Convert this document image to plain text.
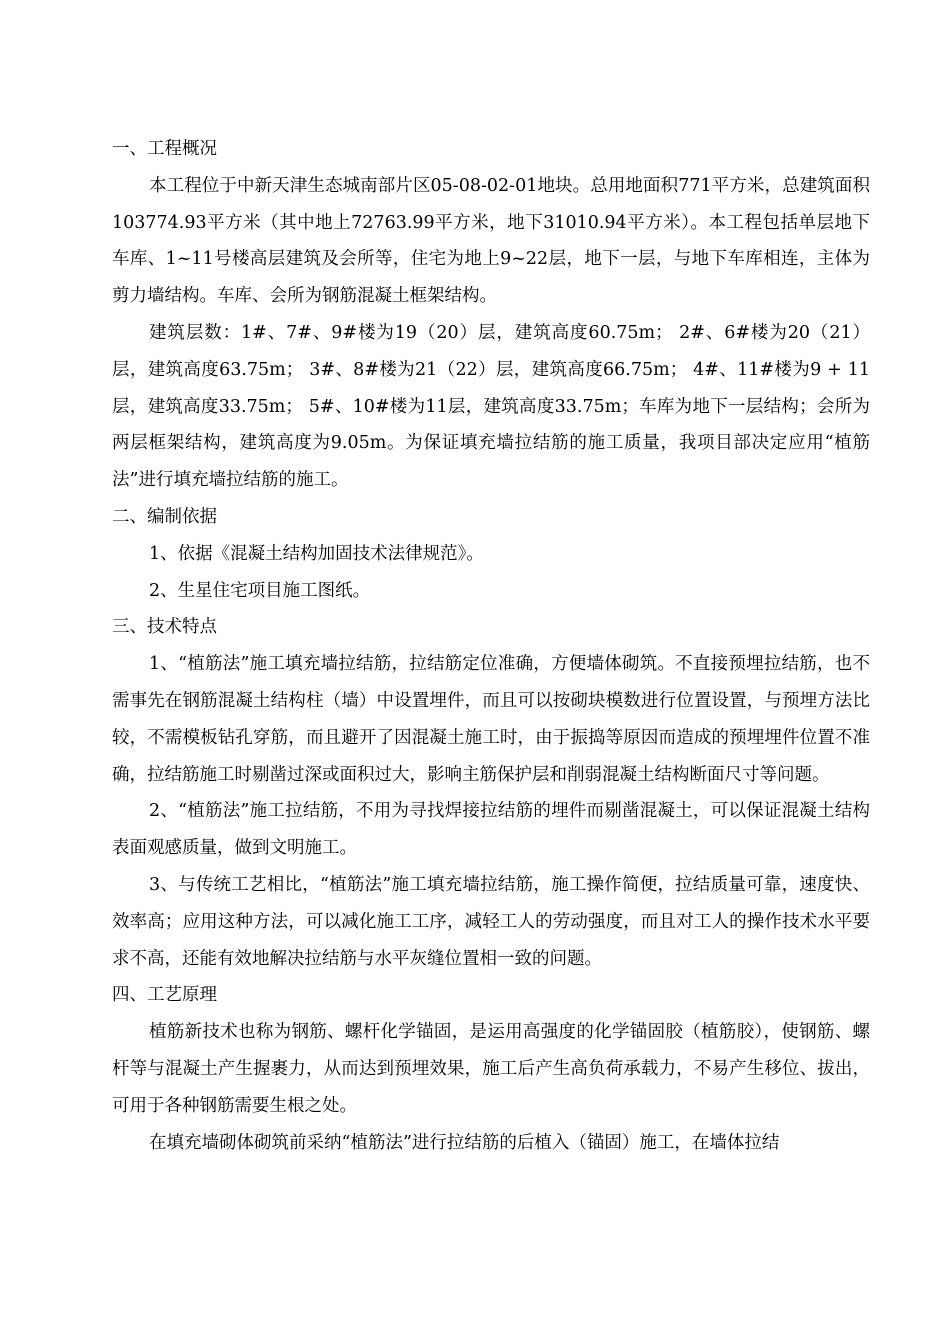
一、工程概况

本工程位于中新天津生态城南部片区05-08-02-01地块。总用地面积771平方米，总建筑面积103774.93平方米（其中地上72763.99平方米，地下31010.94平方米）。本工程包括单层地下车库、1~11号楼高层建筑及会所等，住宅为地上9~22层，地下一层，与地下车库相连，主体为剪力墙结构。车库、会所为钢筋混凝土框架结构。

建筑层数：1#、7#、9#楼为19（20）层，建筑高度60.75m； 2#、6#楼为20（21）层，建筑高度63.75m； 3#、8#楼为21（22）层，建筑高度66.75m； 4#、11#楼为9 + 11层，建筑高度33.75m； 5#、10#楼为11层，建筑高度33.75m；车库为地下一层结构；会所为两层框架结构，建筑高度为9.05m。为保证填充墙拉结筋的施工质量，我项目部决定应用“植筋法”进行填充墙拉结筋的施工。

二、编制依据

1、依据《混凝土结构加固技术法律规范》。

2、生星住宅项目施工图纸。

三、技术特点

1、“植筋法”施工填充墙拉结筋，拉结筋定位准确，方便墙体砌筑。不直接预埋拉结筋，也不需事先在钢筋混凝土结构柱（墙）中设置埋件，而且可以按砌块模数进行位置设置，与预埋方法比较，不需模板钻孔穿筋，而且避开了因混凝土施工时，由于振捣等原因而造成的预埋埋件位置不准确，拉结筋施工时剔凿过深或面积过大，影响主筋保护层和削弱混凝土结构断面尺寸等问题。

2、“植筋法”施工拉结筋，不用为寻找焊接拉结筋的埋件而剔凿混凝土，可以保证混凝土结构表面观感质量，做到文明施工。

3、与传统工艺相比，“植筋法”施工填充墙拉结筋，施工操作简便，拉结质量可靠，速度快、效率高；应用这种方法，可以减化施工工序，减轻工人的劳动强度，而且对工人的操作技术水平要求不高，还能有效地解决拉结筋与水平灰缝位置相一致的问题。

四、工艺原理

植筋新技术也称为钢筋、螺杆化学锚固，是运用高强度的化学锚固胶（植筋胶），使钢筋、螺杆等与混凝土产生握裹力，从而达到预埋效果，施工后产生高负荷承载力，不易产生移位、拔出，可用于各种钢筋需要生根之处。

在填充墙砌体砌筑前采纳“植筋法”进行拉结筋的后植入（锚固）施工，在墙体拉结
